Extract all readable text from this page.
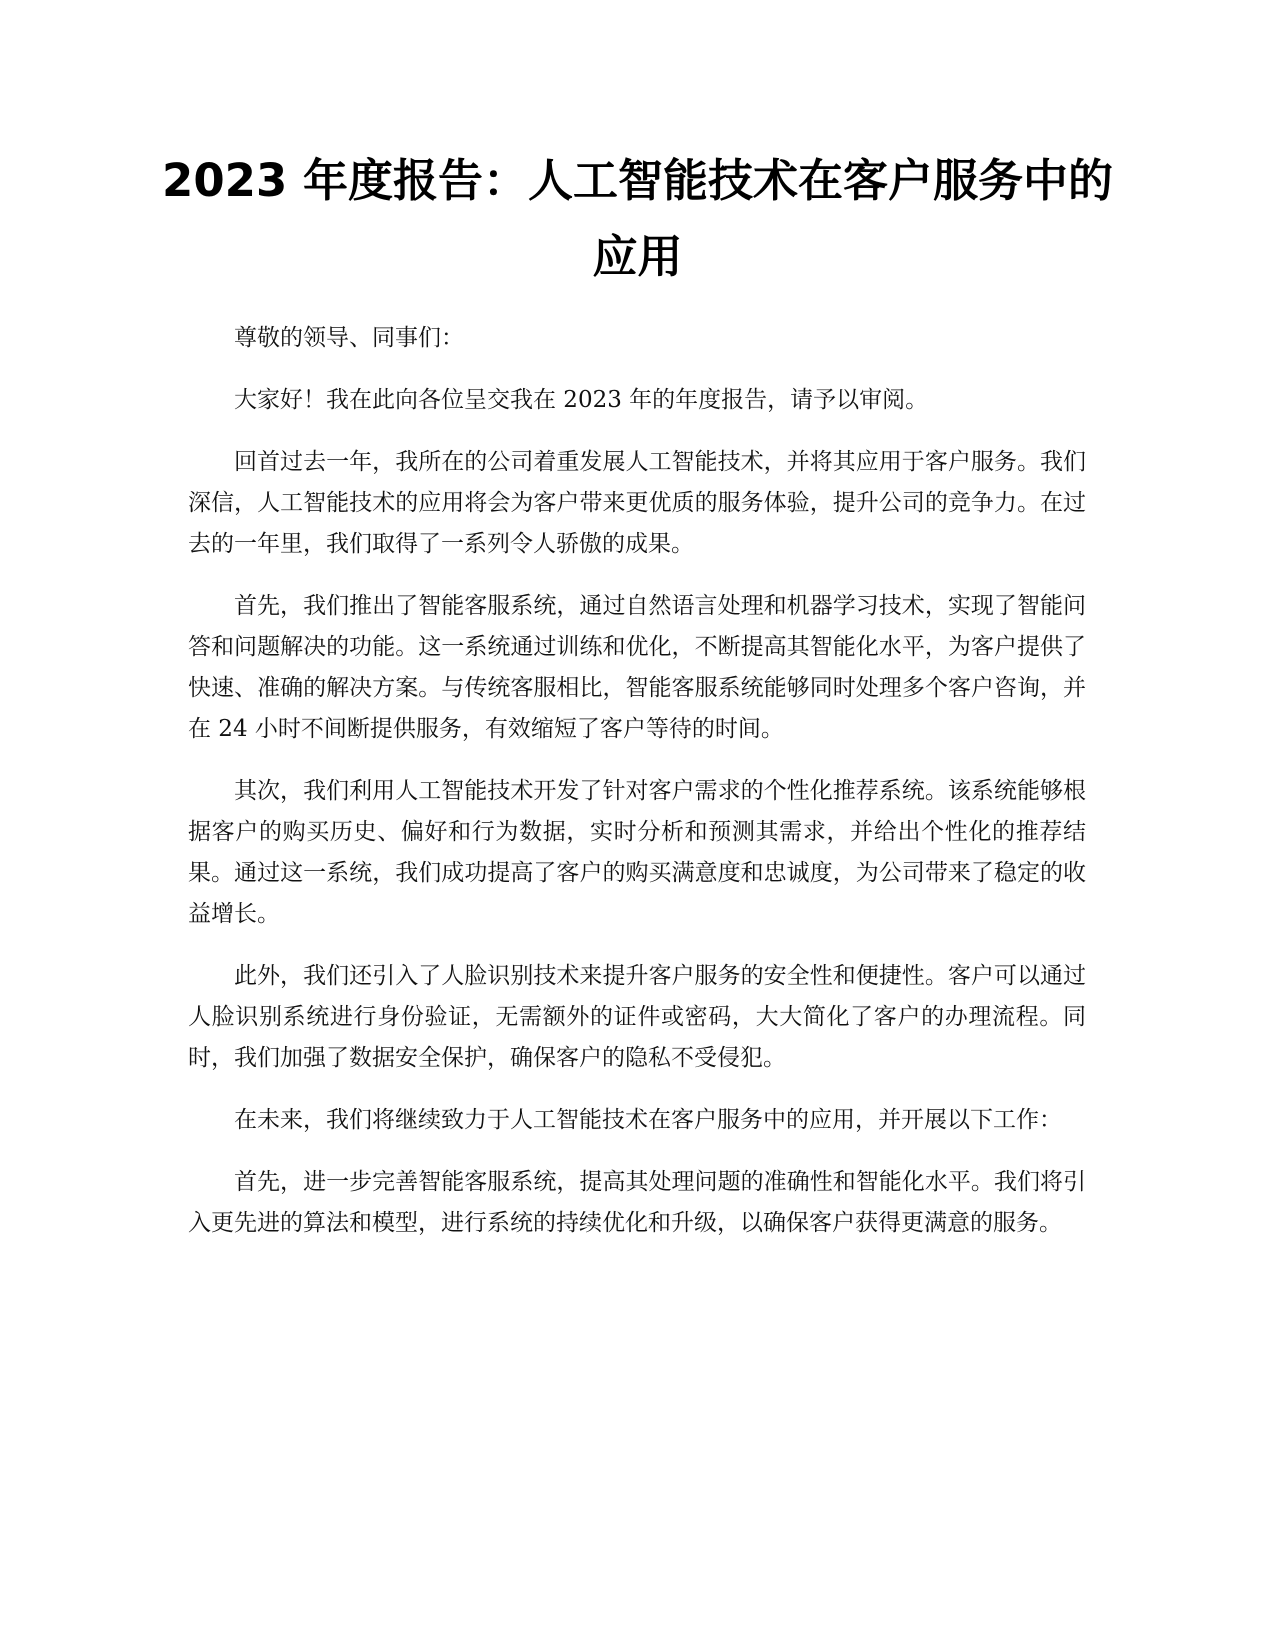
2023 年度报告：人工智能技术在客户服务中的应用

尊敬的领导、同事们：

大家好！我在此向各位呈交我在 2023 年的年度报告，请予以审阅。

回首过去一年，我所在的公司着重发展人工智能技术，并将其应用于客户服务。我们深信，人工智能技术的应用将会为客户带来更优质的服务体验，提升公司的竞争力。在过去的一年里，我们取得了一系列令人骄傲的成果。

首先，我们推出了智能客服系统，通过自然语言处理和机器学习技术，实现了智能问答和问题解决的功能。这一系统通过训练和优化，不断提高其智能化水平，为客户提供了快速、准确的解决方案。与传统客服相比，智能客服系统能够同时处理多个客户咨询，并在 24 小时不间断提供服务，有效缩短了客户等待的时间。

其次，我们利用人工智能技术开发了针对客户需求的个性化推荐系统。该系统能够根据客户的购买历史、偏好和行为数据，实时分析和预测其需求，并给出个性化的推荐结果。通过这一系统，我们成功提高了客户的购买满意度和忠诚度，为公司带来了稳定的收益增长。

此外，我们还引入了人脸识别技术来提升客户服务的安全性和便捷性。客户可以通过人脸识别系统进行身份验证，无需额外的证件或密码，大大简化了客户的办理流程。同时，我们加强了数据安全保护，确保客户的隐私不受侵犯。

在未来，我们将继续致力于人工智能技术在客户服务中的应用，并开展以下工作：

首先，进一步完善智能客服系统，提高其处理问题的准确性和智能化水平。我们将引入更先进的算法和模型，进行系统的持续优化和升级，以确保客户获得更满意的服务。
